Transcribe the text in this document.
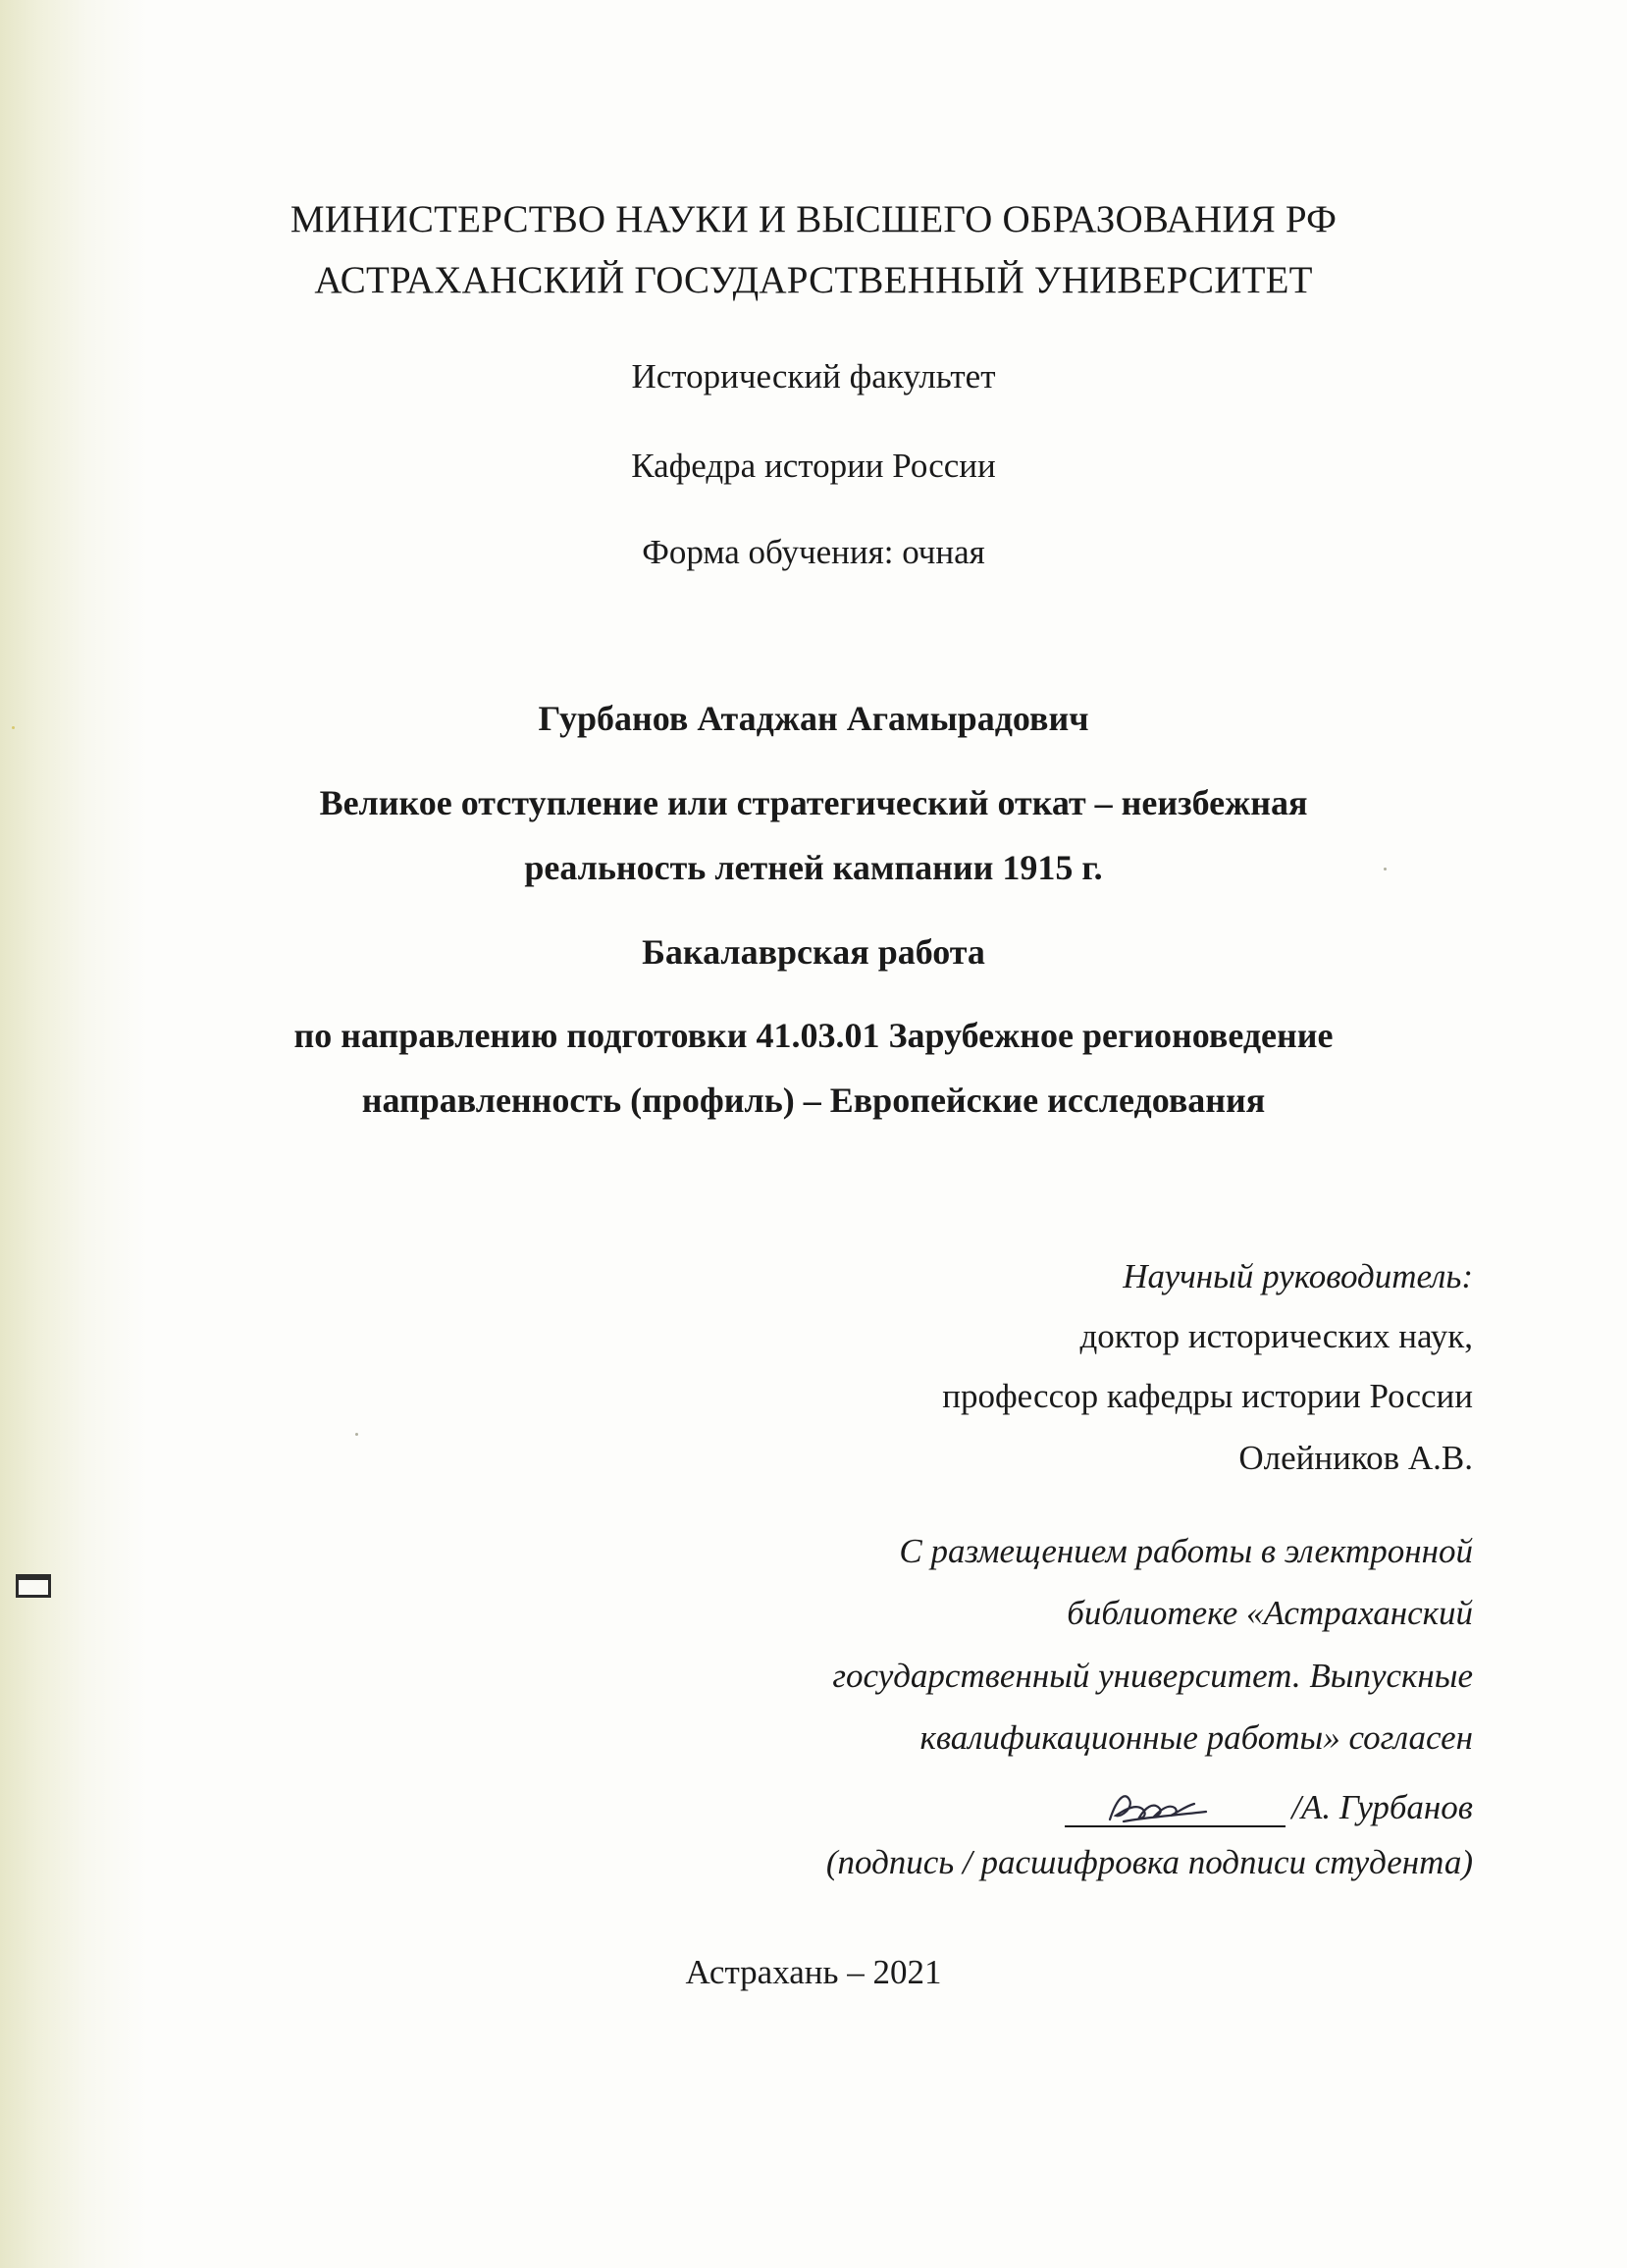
МИНИСТЕРСТВО НАУКИ И ВЫСШЕГО ОБРАЗОВАНИЯ РФ
АСТРАХАНСКИЙ ГОСУДАРСТВЕННЫЙ УНИВЕРСИТЕТ
Исторический факультет
Кафедра истории России
Форма обучения: очная
Гурбанов Атаджан Агамырадович
Великое отступление или стратегический откат – неизбежная
реальность летней кампании 1915 г.
Бакалаврская работа
по направлению подготовки 41.03.01 Зарубежное регионоведение
направленность (профиль) – Европейские исследования
Научный руководитель:
доктор исторических наук,
профессор кафедры истории России
Олейников А.В.
С размещением работы в электронной
библиотеке «Астраханский
государственный университет. Выпускные
квалификационные работы» согласен
/А. Гурбанов
(подпись / расшифровка подписи студента)
Астрахань – 2021
